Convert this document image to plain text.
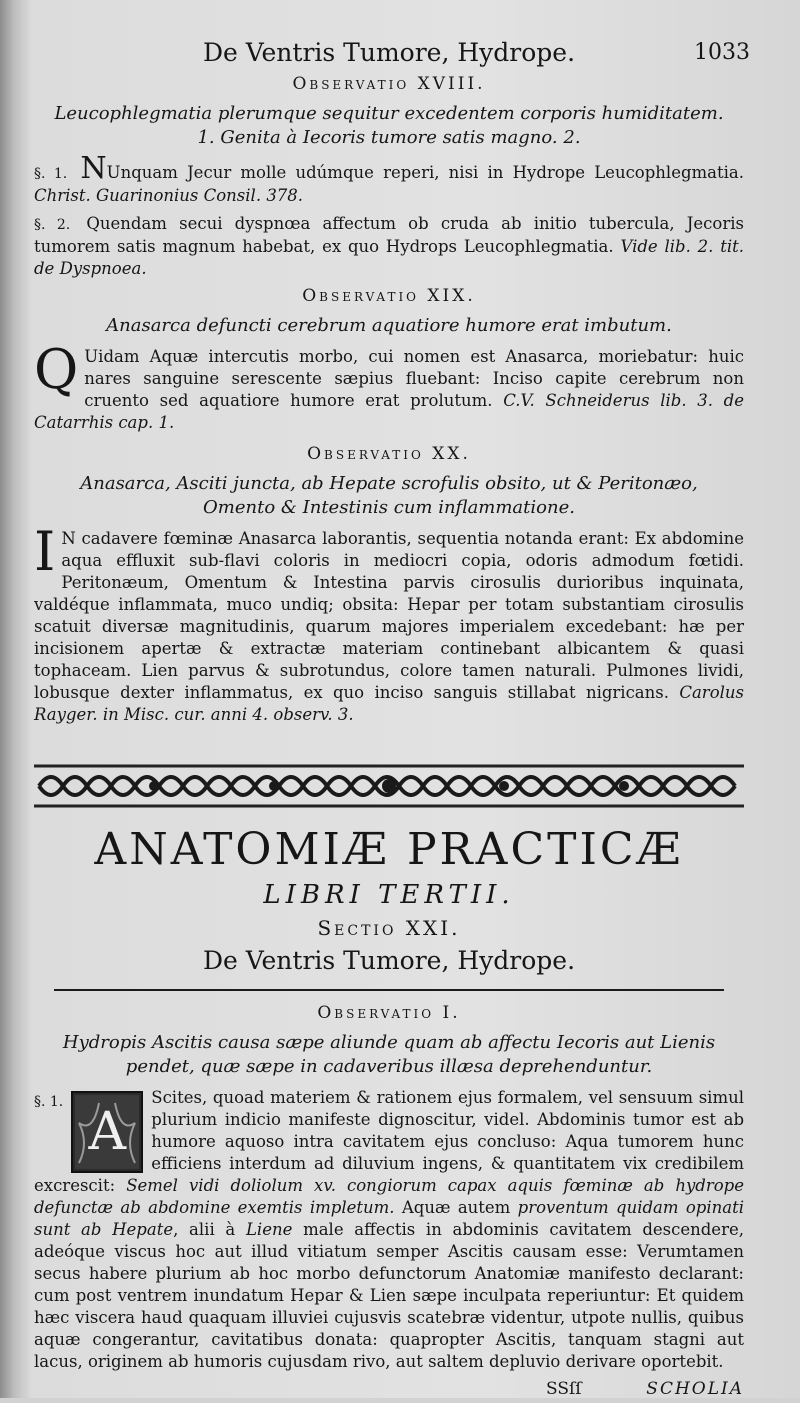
De Ventris Tumore, Hydrope.	1033
Observatio XVIII.
Leucophlegmatia plerumque sequitur excedentem corporis humiditatem. 1. Genita à Iecoris tumore satis magno. 2.

§. 1. NUnquam Jecur molle udúmque reperi, nisi in Hydrope Leucophlegmatia. Christ. Guarinonius Consil. 378.

§. 2. Quendam secui dyspnœa affectum ob cruda ab initio tubercula, Jecoris tumorem satis magnum habebat, ex quo Hydrops Leucophlegmatia. Vide lib. 2. tit. de Dyspnoea.

Observatio XIX.
Anasarca defuncti cerebrum aquatiore humore erat imbutum.

Q Uidam Aquæ intercutis morbo, cui nomen est Anasarca, moriebatur: huic nares sanguine serescente sæpius fluebant: Inciso capite cerebrum non cruento sed aquatiore humore erat prolutum. C.V. Schneiderus lib. 3. de Catarrhis cap. 1.

Observatio XX.
Anasarca, Asciti juncta, ab Hepate scrofulis obsito, ut & Peritonæo, Omento & Intestinis cum inflammatione.

I N cadavere fœminæ Anasarca laborantis, sequentia notanda erant: Ex abdomine aqua effluxit sub-flavi coloris in mediocri copia, odoris admodum fœtidi. Peritonæum, Omentum & Intestina parvis cirosulis durioribus inquinata, valdéque inflammata, muco undiq; obsita: Hepar per totam substantiam cirosulis scatuit diversæ magnitudinis, quarum majores imperialem excedebant: hæ per incisionem apertæ & extractæ materiam continebant albicantem & quasi tophaceam. Lien parvus & subrotundus, colore tamen naturali. Pulmones lividi, lobusque dexter inflammatus, ex quo inciso sanguis stillabat nigricans. Carolus Rayger. in Misc. cur. anni 4. observ. 3.

ANATOMIÆ PRACTICÆ
LIBRI TERTII.
Sectio XXI.
De Ventris Tumore, Hydrope.
Observatio I.
Hydropis Ascitis causa sæpe aliunde quam ab affectu Iecoris aut Lienis pendet, quæ sæpe in cadaveribus illæsa deprehenduntur.

§. 1. A
Scites, quoad materiem & rationem ejus formalem, vel sensuum simul plurium indicio manifeste dignoscitur, videl. Abdominis tumor est ab humore aquoso intra cavitatem ejus concluso: Aqua tumorem hunc efficiens interdum ad diluvium ingens, & quantitatem vix credibilem excrescit: Semel vidi doliolum xv. congiorum capax aquis fœminæ ab hydrope defunctæ ab abdomine exemtis impletum. Aquæ autem proventum quidam opinati sunt ab Hepate, alii à Liene male affectis in abdominis cavitatem descendere, adeóque viscus hoc aut illud vitiatum semper Ascitis causam esse: Verumtamen secus habere plurium ab hoc morbo defunctorum Anatomiæ manifesto declarant: cum post ventrem inundatum Hepar & Lien sæpe inculpata reperiuntur: Et quidem hæc viscera haud quaquam illuviei cujusvis scatebræ videntur, utpote nullis, quibus aquæ congerantur, cavitatibus donata: quapropter Ascitis, tanquam stagni aut lacus, originem ab humoris cujusdam rivo, aut saltem depluvio derivare oportebit.

SSſſ	SCHOLIA
